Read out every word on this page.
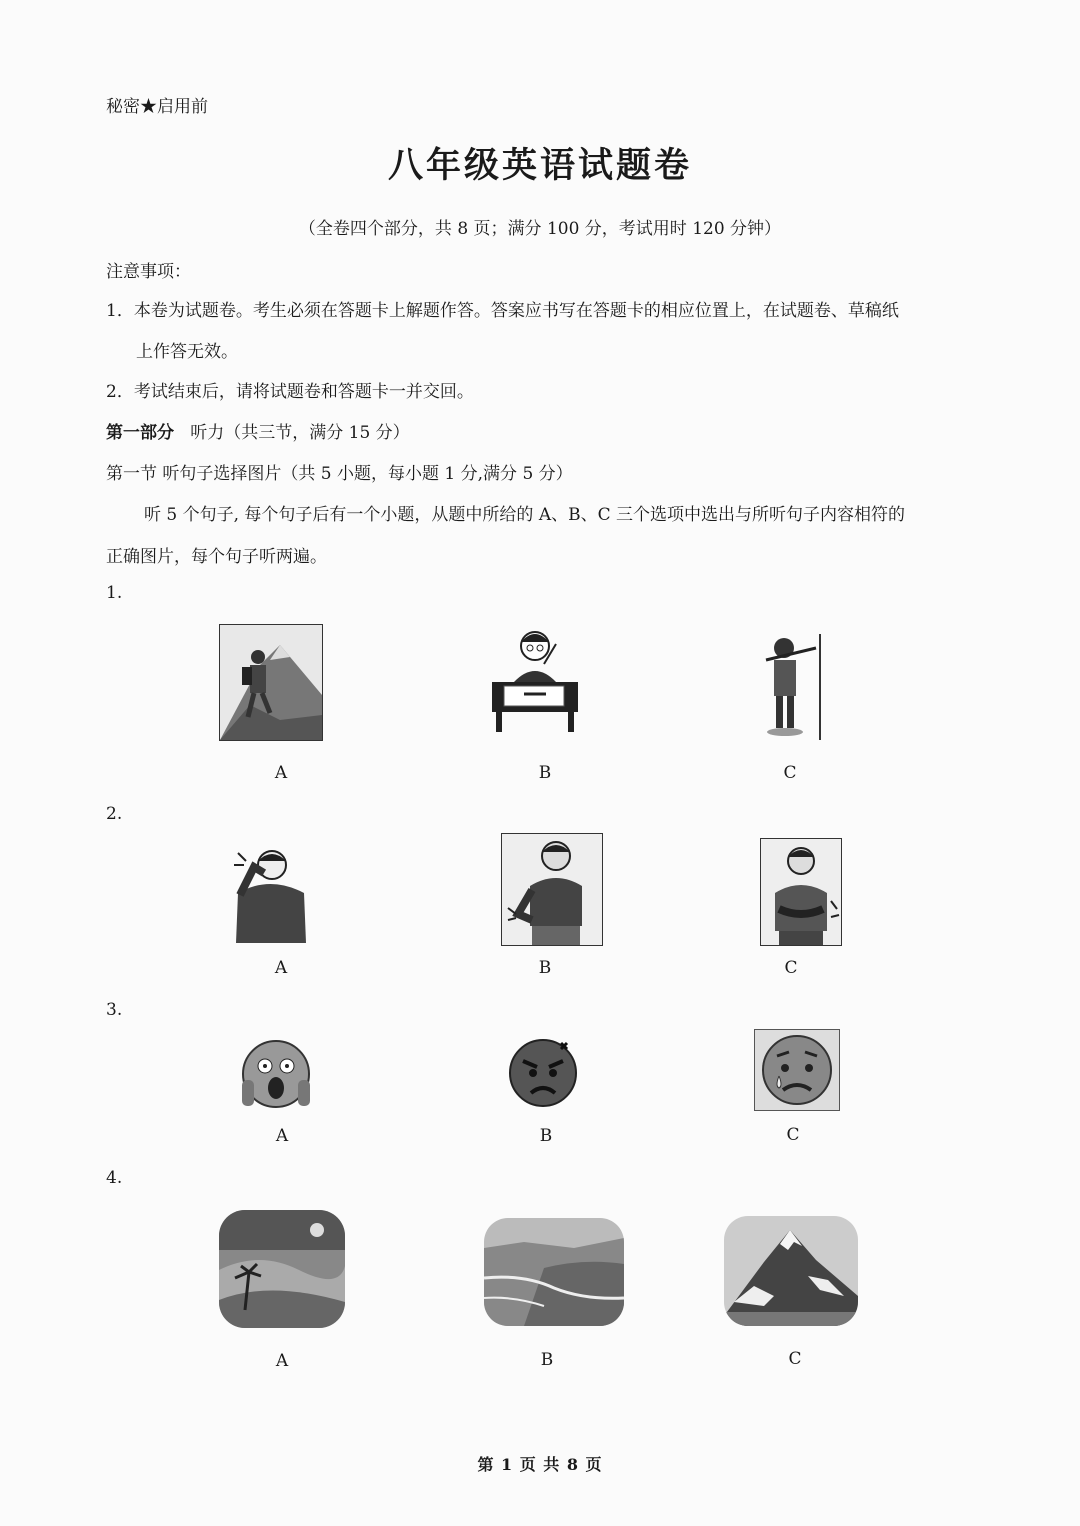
秘密★启用前
八年级英语试题卷
（全卷四个部分，共 8 页；满分 100 分，考试用时 120 分钟）
注意事项：
1．本卷为试题卷。考生必须在答题卡上解题作答。答案应书写在答题卡的相应位置上，在试题卷、草稿纸
上作答无效。
2．考试结束后，请将试题卷和答题卡一并交回。
第一部分 听力（共三节，满分 15 分）
第一节 听句子选择图片（共 5 小题，每小题 1 分,满分 5 分）
听 5 个句子, 每个句子后有一个小题，从题中所给的 A、B、C 三个选项中选出与所听句子内容相符的
正确图片，每个句子听两遍。
1.
A	B	C
2.
A	B	C
3.
A	B	C
4.
A	B	C
第 1 页 共 8 页
